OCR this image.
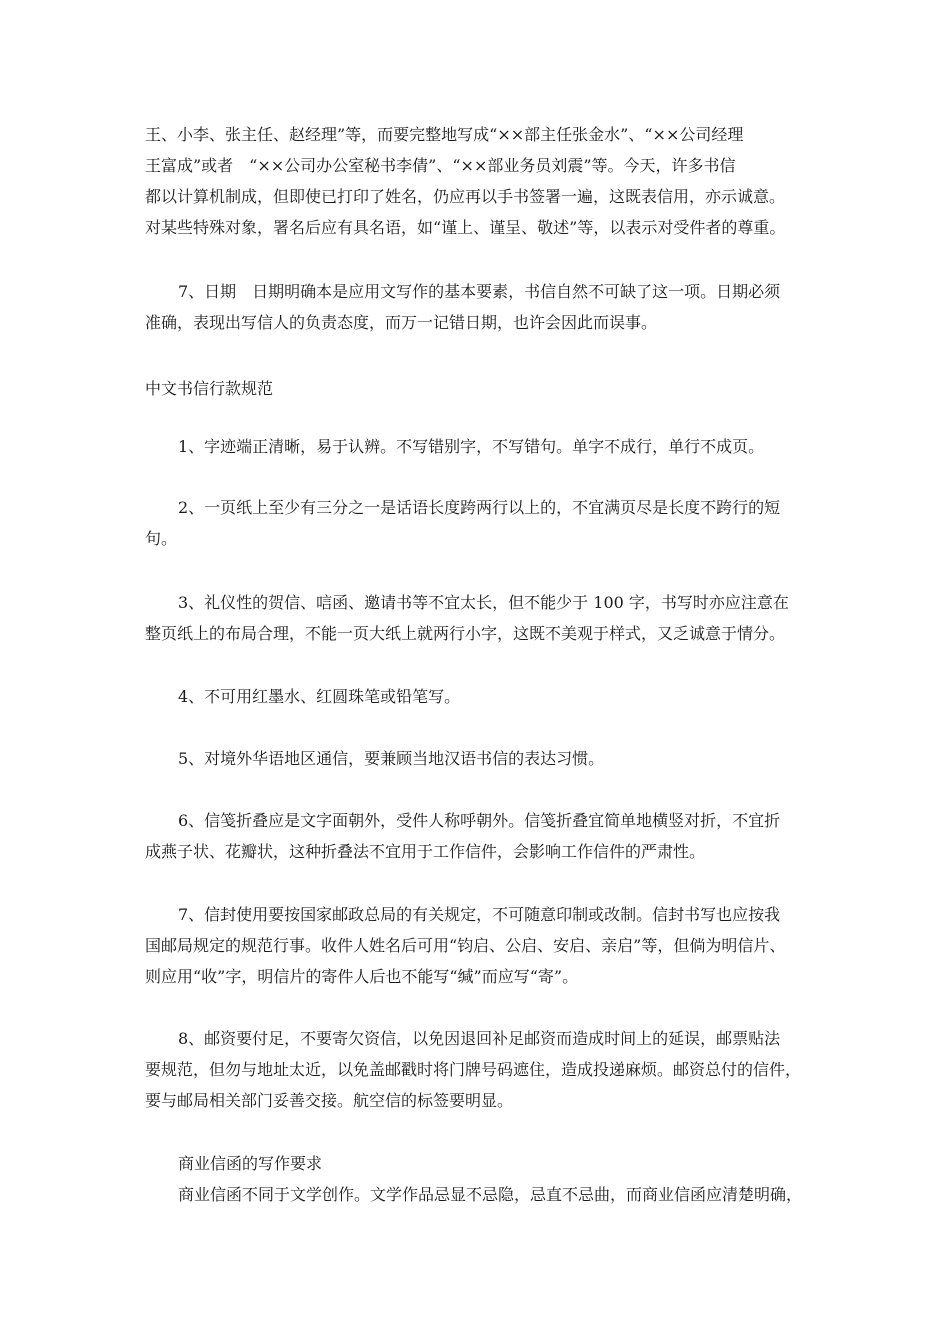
王、小李、张主任、赵经理”等，而要完整地写成“××部主任张金水”、“××公司经理
王富成”或者　“××公司办公室秘书李倩”、“××部业务员刘震”等。今天，许多书信
都以计算机制成，但即使已打印了姓名，仍应再以手书签署一遍，这既表信用，亦示诚意。
对某些特殊对象，署名后应有具名语，如“谨上、谨呈、敬述”等，以表示对受件者的尊重。
7、日期　日期明确本是应用文写作的基本要素，书信自然不可缺了这一项。日期必须
准确，表现出写信人的负责态度，而万一记错日期，也许会因此而误事。
中文书信行款规范
1、字迹端正清晰，易于认辨。不写错别字，不写错句。单字不成行，单行不成页。
2、一页纸上至少有三分之一是话语长度跨两行以上的，不宜满页尽是长度不跨行的短
句。
3、礼仪性的贺信、唁函、邀请书等不宜太长，但不能少于 100 字，书写时亦应注意在
整页纸上的布局合理，不能一页大纸上就两行小字，这既不美观于样式，又乏诚意于情分。
4、不可用红墨水、红圆珠笔或铅笔写。
5、对境外华语地区通信，要兼顾当地汉语书信的表达习惯。
6、信笺折叠应是文字面朝外，受件人称呼朝外。信笺折叠宜简单地横竖对折，不宜折
成燕子状、花瓣状，这种折叠法不宜用于工作信件，会影响工作信件的严肃性。
7、信封使用要按国家邮政总局的有关规定，不可随意印制或改制。信封书写也应按我
国邮局规定的规范行事。收件人姓名后可用“钧启、公启、安启、亲启”等，但倘为明信片、
则应用“收”字，明信片的寄件人后也不能写“缄”而应写“寄”。
8、邮资要付足，不要寄欠资信，以免因退回补足邮资而造成时间上的延误，邮票贴法
要规范，但勿与地址太近，以免盖邮戳时将门牌号码遮住，造成投递麻烦。邮资总付的信件，
要与邮局相关部门妥善交接。航空信的标签要明显。
商业信函的写作要求
商业信函不同于文学创作。文学作品忌显不忌隐，忌直不忌曲，而商业信函应清楚明确，
